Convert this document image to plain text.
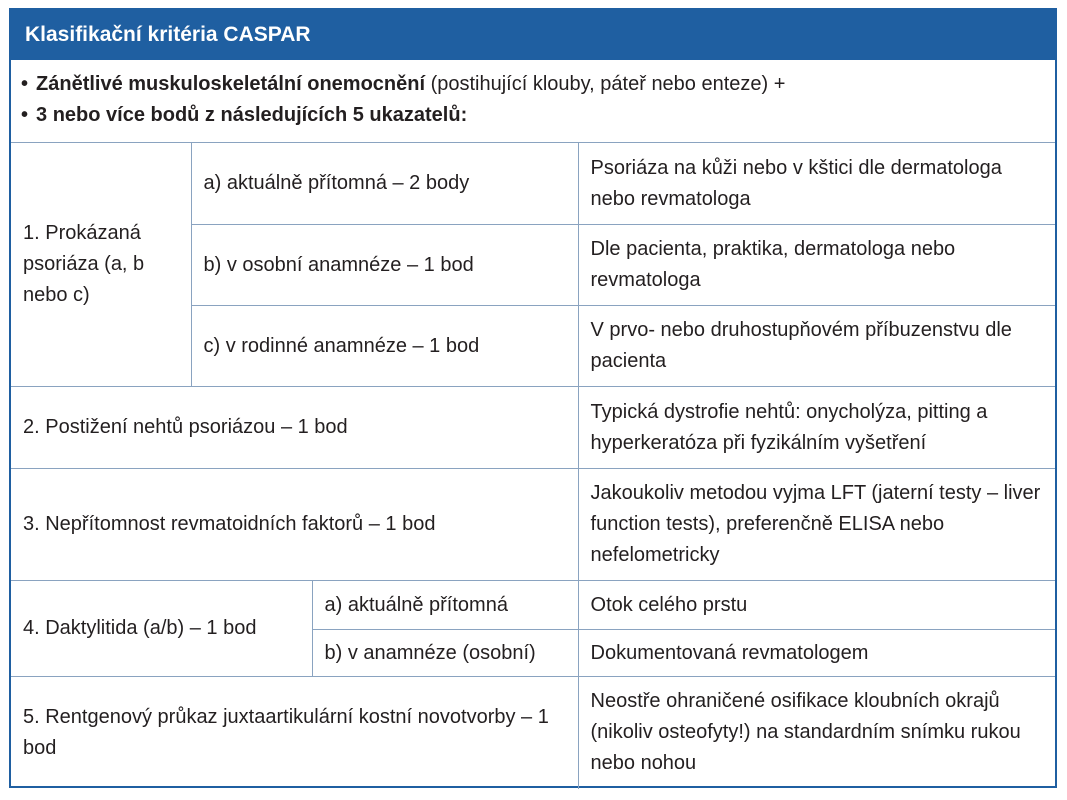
Klasifikační kritéria CASPAR
• Zánětlivé muskuloskeletální onemocnění (postihující klouby, páteř nebo enteze) +
• 3 nebo více bodů z následujících 5 ukazatelů:
1. Prokázaná psoriáza (a, b nebo c)	a) aktuálně přítomná – 2 body		Psoriáza na kůži nebo v kštici dle dermatologa nebo revmatologa
	b) v osobní anamnéze – 1 bod		Dle pacienta, praktika, dermatologa nebo revmatologa
	c) v rodinné anamnéze – 1 bod		V prvo- nebo druhostupňovém příbuzenstvu dle pacienta
2. Postižení nehtů psoriázou – 1 bod			Typická dystrofie nehtů: onycholýza, pitting a hyperkeratóza při fyzikálním vyšetření
3. Nepřítomnost revmatoidních faktorů – 1 bod			Jakoukoliv metodou vyjma LFT (jaterní testy – liver function tests), preferenčně ELISA nebo nefelometricky
4. Daktylitida (a/b) – 1 bod		a) aktuálně přítomná	Otok celého prstu
		b) v anamnéze (osobní)	Dokumentovaná revmatologem
5. Rentgenový průkaz juxtaartikulární kostní novotvorby – 1 bod			Neostře ohraničené osifikace kloubních okrajů (nikoliv osteofyty!) na standardním snímku rukou nebo nohou
